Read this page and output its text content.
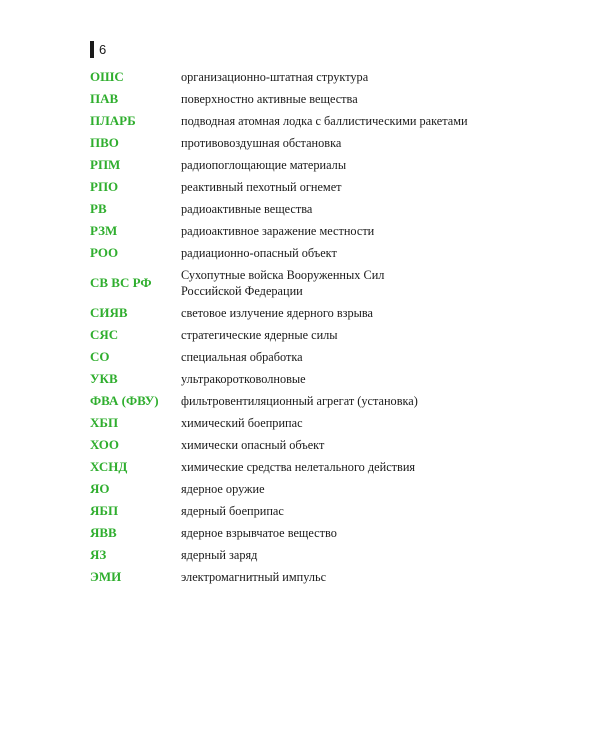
6
ОШС	организационно-штатная структура
ПАВ	поверхностно активные вещества
ПЛАРБ	подводная атомная лодка с баллистическими ракетами
ПВО	противовоздушная обстановка
РПМ	радиопоглощающие материалы
РПО	реактивный пехотный огнемет
РВ	радиоактивные вещества
РЗМ	радиоактивное заражение местности
РОО	радиационно-опасный объект
СВ ВС РФ	Сухопутные войска Вооруженных Сил
Российской Федерации
СИЯВ	световое излучение ядерного взрыва
СЯС	стратегические ядерные силы
СО	специальная обработка
УКВ	ультракоротковолновые
ФВА (ФВУ)	фильтровентиляционный агрегат (установка)
ХБП	химический боеприпас
ХОО	химически опасный объект
ХСНД	химические средства нелетального действия
ЯО	ядерное оружие
ЯБП	ядерный боеприпас
ЯВВ	ядерное взрывчатое вещество
ЯЗ	ядерный заряд
ЭМИ	электромагнитный импульс
